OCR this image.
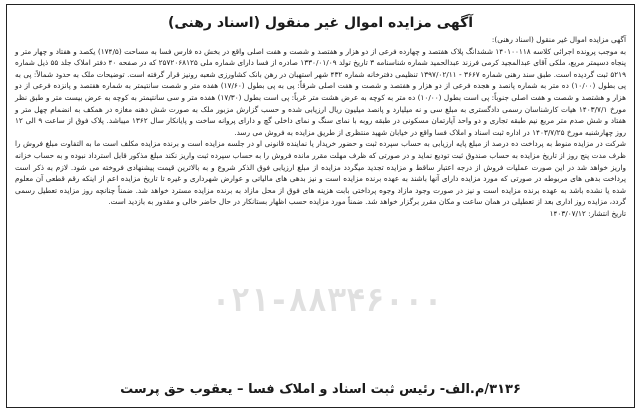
آگهی مزایده اموال غیر منقول (اسناد رهنی)

آگهی مزایده اموال غیر منقول (اسناد رهنی):

به موجب پرونده اجرائی کلاسه ۱۴۰۱۰۰۱۱۸ ششدانگ پلاک هفتصد و چهارده فرعی از دو هزار و هفتصد و شصت و هفت اصلی واقع در بخش ده فارس فسا به مساحت (۱۷۴/۵) یکصد و هفتاد و چهار متر و پنجاه دسیمتر مربع، ملکی آقای عبدالمجید کرمی فرزند عبدالحمید شماره شناسنامه ۳ تاریخ تولد ۱۳۳۰/۰۱/۰۹ صادره از فسا دارای شماره ملی ۲۵۷۲۰۶۸۱۲۵ که در صفحه ۴۰ دفتر املاک جلد ۵۵ ذیل شماره ۵۲۱۹ ثبت گردیده است. طبق سند رهنی شماره ۳۶۶۷ - ۱۳۹۷/۰۲/۱۱ تنظیمی دفترخانه شماره ۴۳۲ شهر استهبان در رهن بانک کشاورزی شعبه رونیز قرار گرفته است. توضیحات ملک به حدود شمالاً: پی به پی بطول (۱۰/۰۰) ده متر به شماره پانصد و هجده فرعی از دو هزار و هفتصد و شصت و هفت اصلی شرقاً: پی به پی بطول (۱۷/۶۰) هفده متر و شصت سانتیمتر به شماره هفتصد و پانزده فرعی از دو هزار و هشتصد و شصت و هفت اصلی جنوباً: پی است بطول (۱۰/۰۰) ده متر به کوچه به عرض هشت متر غرباً: پی است بطول (۱۷/۳۰) هفده متر و سی سانتیمتر به کوچه به عرض بیست متر و طبق نظر مورخ ۱۴۰۳/۷/۱ هیات کارشناسان رسمی دادگستری به مبلغ سی و نه میلیارد و پانصد میلیون ریال ارزیابی شده و حسب گزارش مزبور ملک به صورت شش دهنه مغازه در همکف به انضمام چهل متر و هفتاد و شش صدم متر مربع نیم طبقه تجاری و دو واحد آپارتمان مسکونی در طبقه روبه با نمای سنگ و نمای داخلی گچ و دارای پروانه ساخت و پایانکار سال ۱۳۶۲ میباشد. پلاک فوق از ساعت ۹ الی ۱۲ روز چهارشنبه مورخ ۱۴۰۳/۷/۲۵ در اداره ثبت اسناد و املاک فسا واقع در خیابان شهید منتظری از طریق مزایده به فروش می رسد.

شرکت در مزایده منوط به پرداخت ده درصد از مبلغ پایه ارزیابی به حساب سپرده ثبت و حضور خریدار یا نماینده قانونی او در جلسه مزایده است و برنده مزایده مکلف است ما به التفاوت مبلغ فروش را ظرف مدت پنج روز از تاریخ مزایده به حساب صندوق ثبت تودیع نماید و در صورتی که ظرف مهلت مقرر مانده فروش را به حساب سپرده ثبت واریز نکند مبلغ مذکور قابل استرداد نبوده و به حساب خزانه واریز خواهد شد در این صورت عملیات فروش از درجه اعتبار ساقط و مزایده تجدید میگردد مزایده از مبلغ ارزیابی فوق الذکر شروع و به بالاترین قیمت پیشنهادی فروخته می شود. لازم به ذکر است پرداخت بدهی های مربوطه در صورتی که مورد مزایده دارای آنها باشند به عهده برنده مزایده است و نیز بدهی های مالیاتی و عوارض شهرداری و غیره تا تاریخ مزایده اعم از اینکه رقم قطعی آن معلوم شده یا نشده باشد به عهده برنده مزایده است و نیز در صورت وجود مازاد وجوه پرداختی بابت هزینه های فوق از محل مازاد به برنده مزایده مسترد خواهد شد. ضمناً چنانچه روز مزایده تعطیل رسمی گردد، مزایده روز اداری بعد از تعطیلی در همان ساعت و مکان مقرر برگزار خواهد شد. ضمناً مورد مزایده حسب اظهار بستانکار در حال حاضر خالی و مقدور به بازدید است.

تاریخ انتشار: ۱۴۰۳/۰۷/۱۲

۰۲۱-۸۸۳۴۶۰۰۰
۳۱۳۶/م.الف- رئیس ثبت اسناد و املاک فسا – یعقوب حق پرست
